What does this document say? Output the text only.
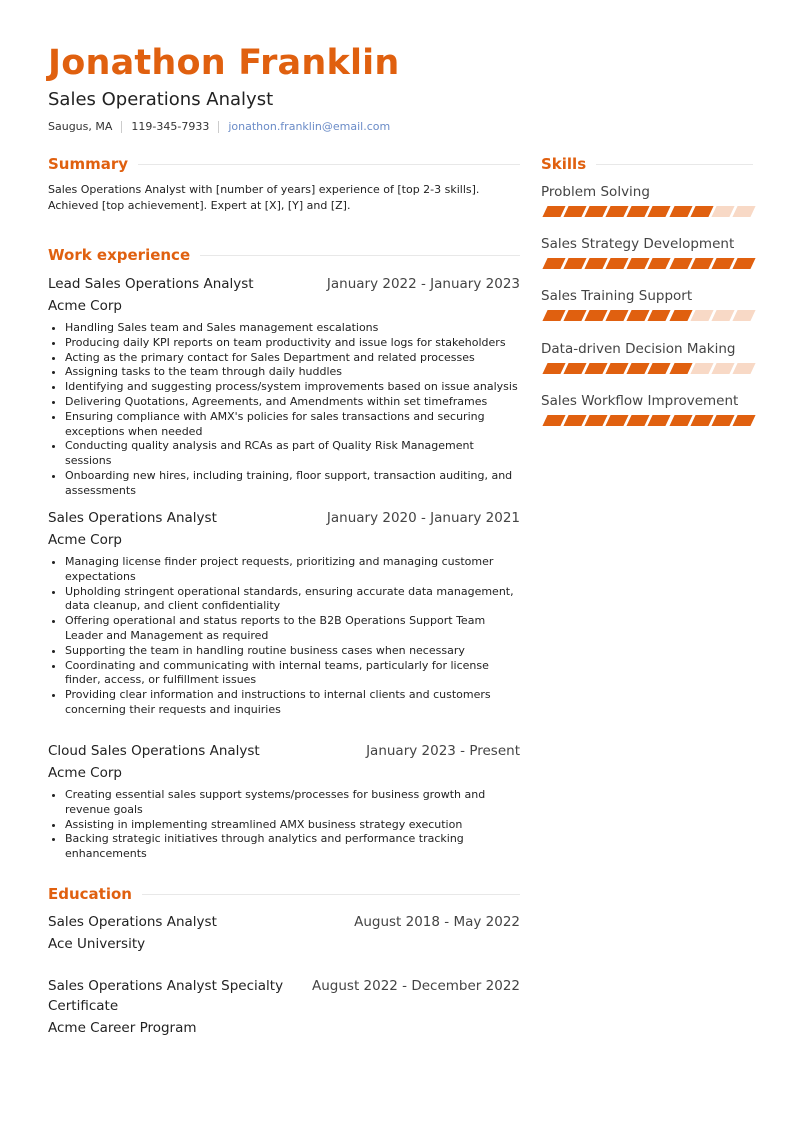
Jonathon Franklin
Sales Operations Analyst
Saugus, MA 119-345-7933 jonathon.franklin@email.com
Summary
Sales Operations Analyst with [number of years] experience of [top 2-3 skills]. Achieved [top achievement]. Expert at [X], [Y] and [Z].
Work experience
Lead Sales Operations Analyst	January 2022 - January 2023
Acme Corp
• Handling Sales team and Sales management escalations
• Producing daily KPI reports on team productivity and issue logs for stakeholders
• Acting as the primary contact for Sales Department and related processes
• Assigning tasks to the team through daily huddles
• Identifying and suggesting process/system improvements based on issue analysis
• Delivering Quotations, Agreements, and Amendments within set timeframes
• Ensuring compliance with AMX's policies for sales transactions and securing exceptions when needed
• Conducting quality analysis and RCAs as part of Quality Risk Management sessions
• Onboarding new hires, including training, floor support, transaction auditing, and assessments
Sales Operations Analyst	January 2020 - January 2021
Acme Corp
• Managing license finder project requests, prioritizing and managing customer expectations
• Upholding stringent operational standards, ensuring accurate data management, data cleanup, and client confidentiality
• Offering operational and status reports to the B2B Operations Support Team Leader and Management as required
• Supporting the team in handling routine business cases when necessary
• Coordinating and communicating with internal teams, particularly for license finder, access, or fulfillment issues
• Providing clear information and instructions to internal clients and customers concerning their requests and inquiries
Cloud Sales Operations Analyst	January 2023 - Present
Acme Corp
• Creating essential sales support systems/processes for business growth and revenue goals
• Assisting in implementing streamlined AMX business strategy execution
• Backing strategic initiatives through analytics and performance tracking enhancements
Education
Sales Operations Analyst	August 2018 - May 2022
Ace University
Sales Operations Analyst Specialty Certificate
August 2022 - December 2022
Acme Career Program
Skills
Problem Solving
Sales Strategy Development
Sales Training Support
Data-driven Decision Making
Sales Workflow Improvement
